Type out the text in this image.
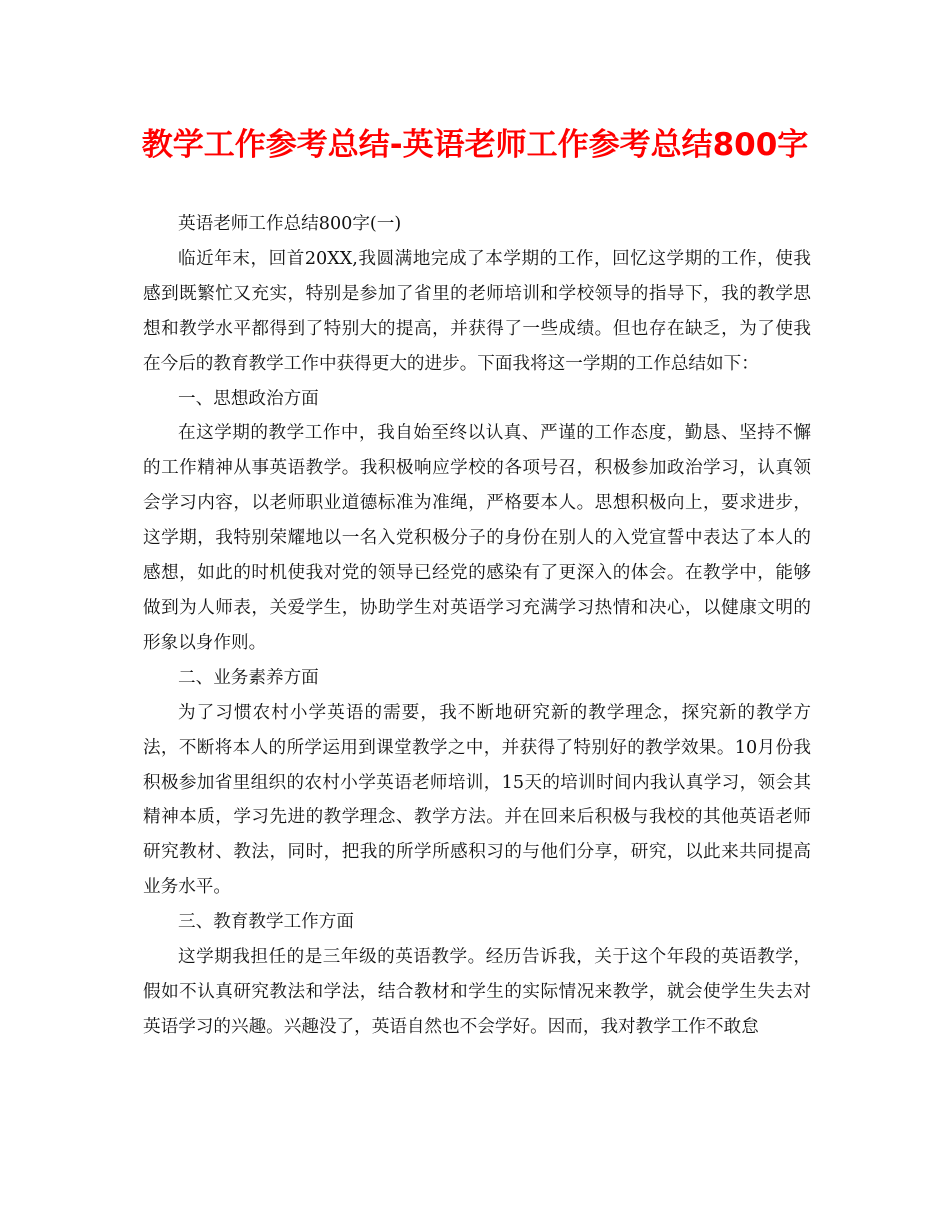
教学工作参考总结-英语老师工作参考总结800字

英语老师工作总结800字(一)

临近年末，回首20XX,我圆满地完成了本学期的工作，回忆这学期的工作，使我感到既繁忙又充实，特别是参加了省里的老师培训和学校领导的指导下，我的教学思想和教学水平都得到了特别大的提高，并获得了一些成绩。但也存在缺乏，为了使我在今后的教育教学工作中获得更大的进步。下面我将这一学期的工作总结如下：

一、思想政治方面

在这学期的教学工作中，我自始至终以认真、严谨的工作态度，勤恳、坚持不懈的工作精神从事英语教学。我积极响应学校的各项号召，积极参加政治学习，认真领会学习内容，以老师职业道德标准为准绳，严格要本人。思想积极向上，要求进步，这学期，我特别荣耀地以一名入党积极分子的身份在别人的入党宣誓中表达了本人的感想，如此的时机使我对党的领导已经党的感染有了更深入的体会。在教学中，能够做到为人师表，关爱学生，协助学生对英语学习充满学习热情和决心，以健康文明的形象以身作则。

二、业务素养方面

为了习惯农村小学英语的需要，我不断地研究新的教学理念，探究新的教学方法，不断将本人的所学运用到课堂教学之中，并获得了特别好的教学效果。10月份我积极参加省里组织的农村小学英语老师培训，15天的培训时间内我认真学习，领会其精神本质，学习先进的教学理念、教学方法。并在回来后积极与我校的其他英语老师研究教材、教法，同时，把我的所学所感积习的与他们分享，研究，以此来共同提高业务水平。

三、教育教学工作方面

这学期我担任的是三年级的英语教学。经历告诉我，关于这个年段的英语教学，假如不认真研究教法和学法，结合教材和学生的实际情况来教学，就会使学生失去对英语学习的兴趣。兴趣没了，英语自然也不会学好。因而，我对教学工作不敢怠
